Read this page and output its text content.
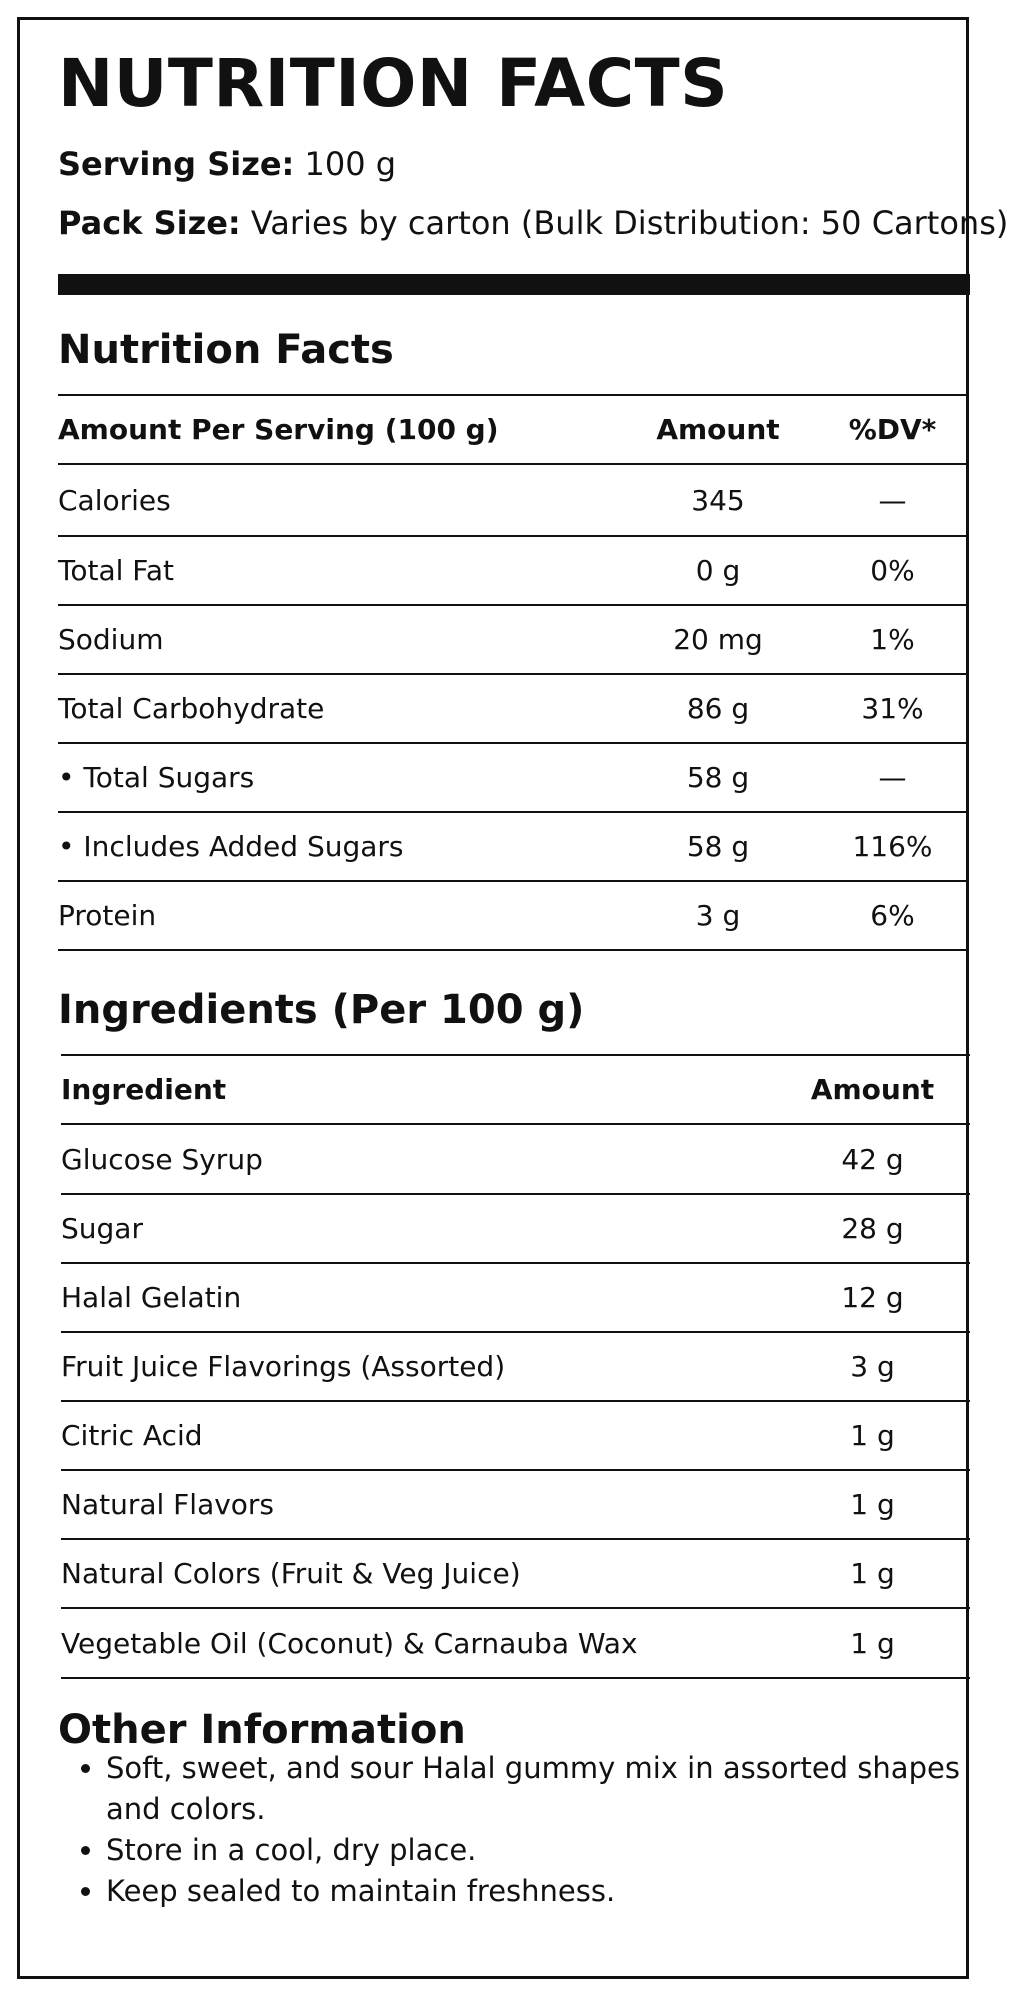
NUTRITION FACTS

Serving Size: 100 g

Pack Size: Varies by carton (Bulk Distribution: 50 Cartons)

Nutrition Facts
Amount Per Serving (100 g)	Amount	%DV*
Calories	345	—
Total Fat	0 g	0%
Sodium	20 mg	1%
Total Carbohydrate	86 g	31%
• Total Sugars	58 g	—
• Includes Added Sugars	58 g	116%
Protein	3 g	6%
Ingredients (Per 100 g)
Ingredient	Amount
Glucose Syrup	42 g
Sugar	28 g
Halal Gelatin	12 g
Fruit Juice Flavorings (Assorted)	3 g
Citric Acid	1 g
Natural Flavors	1 g
Natural Colors (Fruit & Veg Juice)	1 g
Vegetable Oil (Coconut) & Carnauba Wax	1 g
Other Information
• Soft, sweet, and sour Halal gummy mix in assorted shapes and colors.
• Store in a cool, dry place.
• Keep sealed to maintain freshness.
